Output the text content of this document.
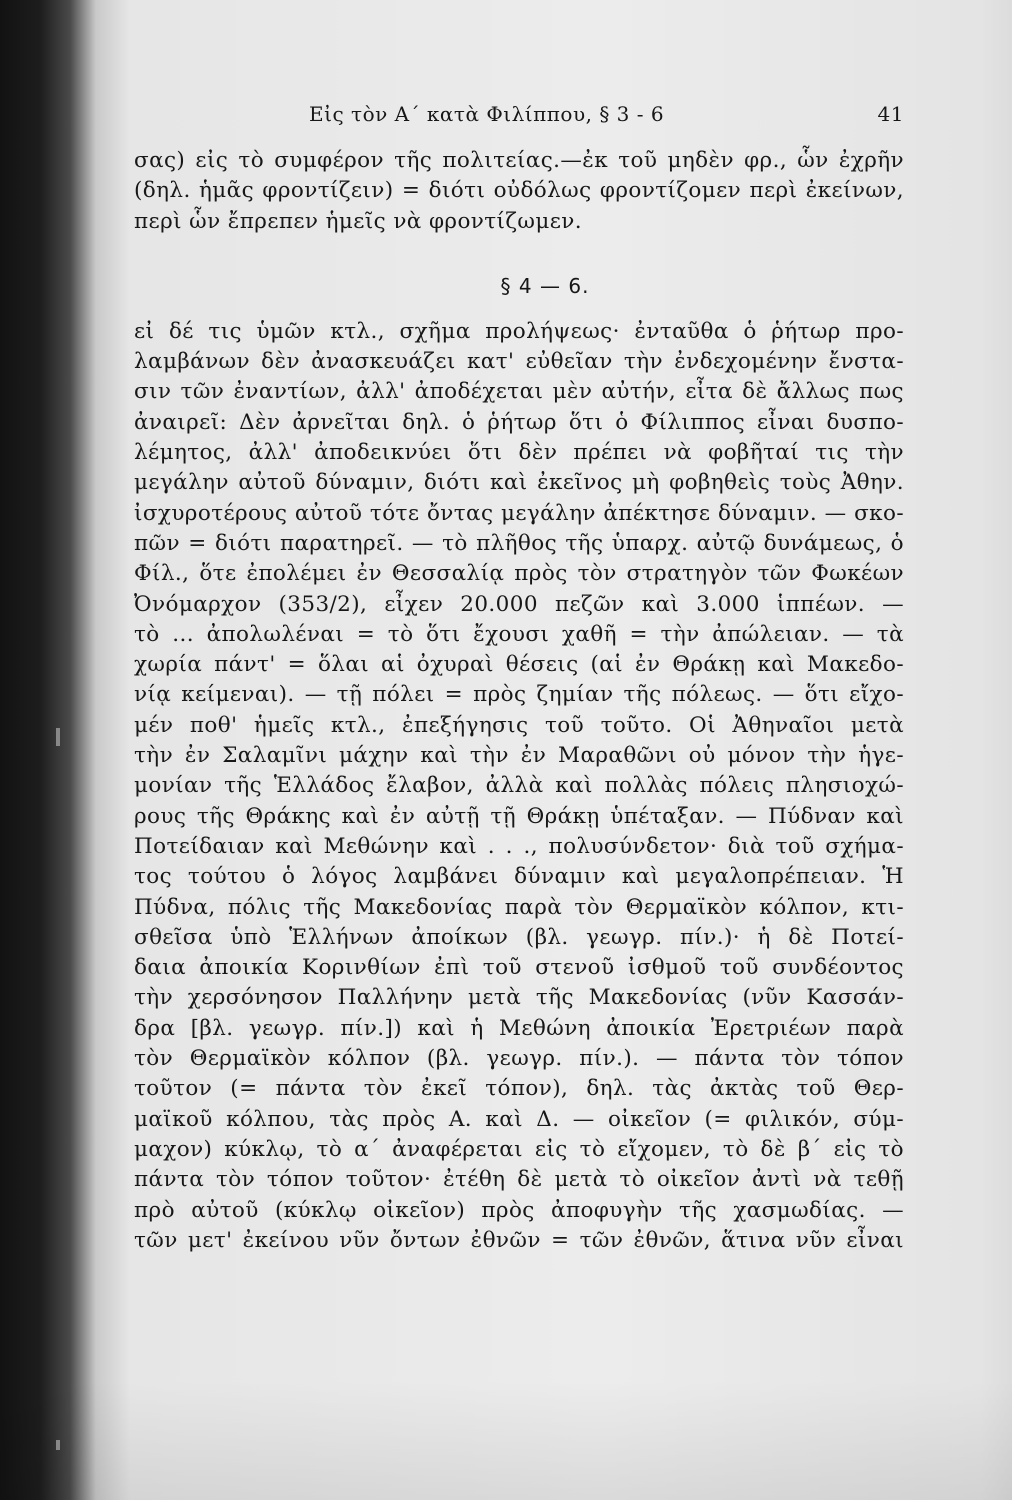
Εἰς τὸν Α΄ κατὰ Φιλίππου, § 3 - 6	41
σας) εἰς τὸ συμφέρον τῆς πολιτείας.—ἐκ τοῦ μηδὲν φρ., ὧν ἐχρῆν
(δηλ. ἡμᾶς φροντίζειν) = διότι οὐδόλως φροντίζομεν περὶ ἐκείνων,
περὶ ὧν ἔπρεπεν ἡμεῖς νὰ φροντίζωμεν.
§ 4 — 6.
εἰ δέ τις ὑμῶν κτλ., σχῆμα προλήψεως· ἐνταῦθα ὁ ῥήτωρ προ-
λαμβάνων δὲν ἀνασκευάζει κατ' εὐθεῖαν τὴν ἐνδεχομένην ἔνστα-
σιν τῶν ἐναντίων, ἀλλ' ἀποδέχεται μὲν αὐτήν, εἶτα δὲ ἄλλως πως
ἀναιρεῖ: Δὲν ἀρνεῖται δηλ. ὁ ῥήτωρ ὅτι ὁ Φίλιππος εἶναι δυσπο-
λέμητος, ἀλλ' ἀποδεικνύει ὅτι δὲν πρέπει νὰ φοβῆταί τις τὴν
μεγάλην αὐτοῦ δύναμιν, διότι καὶ ἐκεῖνος μὴ φοβηθεὶς τοὺς Ἀθην.
ἰσχυροτέρους αὐτοῦ τότε ὄντας μεγάλην ἀπέκτησε δύναμιν. — σκο-
πῶν = διότι παρατηρεῖ. — τὸ πλῆθος τῆς ὑπαρχ. αὐτῷ δυνάμεως, ὁ
Φίλ., ὅτε ἐπολέμει ἐν Θεσσαλίᾳ πρὸς τὸν στρατηγὸν τῶν Φωκέων
Ὀνόμαρχον (353/2), εἶχεν 20.000 πεζῶν καὶ 3.000 ἱππέων. —
τὸ ... ἀπολωλέναι = τὸ ὅτι ἔχουσι χαθῆ = τὴν ἀπώλειαν. — τὰ
χωρία πάντ' = ὅλαι αἱ ὀχυραὶ θέσεις (αἱ ἐν Θράκῃ καὶ Μακεδο-
νίᾳ κείμεναι). — τῇ πόλει = πρὸς ζημίαν τῆς πόλεως. — ὅτι εἴχο-
μέν ποθ' ἡμεῖς κτλ., ἐπεξήγησις τοῦ τοῦτο. Οἱ Ἀθηναῖοι μετὰ
τὴν ἐν Σαλαμῖνι μάχην καὶ τὴν ἐν Μαραθῶνι οὐ μόνον τὴν ἡγε-
μονίαν τῆς Ἑλλάδος ἔλαβον, ἀλλὰ καὶ πολλὰς πόλεις πλησιοχώ-
ρους τῆς Θράκης καὶ ἐν αὐτῇ τῇ Θράκῃ ὑπέταξαν. — Πύδναν καὶ
Ποτείδαιαν καὶ Μεθώνην καὶ . . ., πολυσύνδετον· διὰ τοῦ σχήμα-
τος τούτου ὁ λόγος λαμβάνει δύναμιν καὶ μεγαλοπρέπειαν. Ἡ
Πύδνα, πόλις τῆς Μακεδονίας παρὰ τὸν Θερμαϊκὸν κόλπον, κτι-
σθεῖσα ὑπὸ Ἑλλήνων ἀποίκων (βλ. γεωγρ. πίν.)· ἡ δὲ Ποτεί-
δαια ἀποικία Κορινθίων ἐπὶ τοῦ στενοῦ ἰσθμοῦ τοῦ συνδέοντος
τὴν χερσόνησον Παλλήνην μετὰ τῆς Μακεδονίας (νῦν Κασσάν-
δρα [βλ. γεωγρ. πίν.]) καὶ ἡ Μεθώνη ἀποικία Ἐρετριέων παρὰ
τὸν Θερμαϊκὸν κόλπον (βλ. γεωγρ. πίν.). — πάντα τὸν τόπον
τοῦτον (= πάντα τὸν ἐκεῖ τόπον), δηλ. τὰς ἀκτὰς τοῦ Θερ-
μαϊκοῦ κόλπου, τὰς πρὸς Α. καὶ Δ. — οἰκεῖον (= φιλικόν, σύμ-
μαχον) κύκλῳ, τὸ α΄ ἀναφέρεται εἰς τὸ εἴχομεν, τὸ δὲ β΄ εἰς τὸ
πάντα τὸν τόπον τοῦτον· ἐτέθη δὲ μετὰ τὸ οἰκεῖον ἀντὶ νὰ τεθῇ
πρὸ αὐτοῦ (κύκλῳ οἰκεῖον) πρὸς ἀποφυγὴν τῆς χασμωδίας. —
τῶν μετ' ἐκείνου νῦν ὄντων ἐθνῶν = τῶν ἐθνῶν, ἅτινα νῦν εἶναι
